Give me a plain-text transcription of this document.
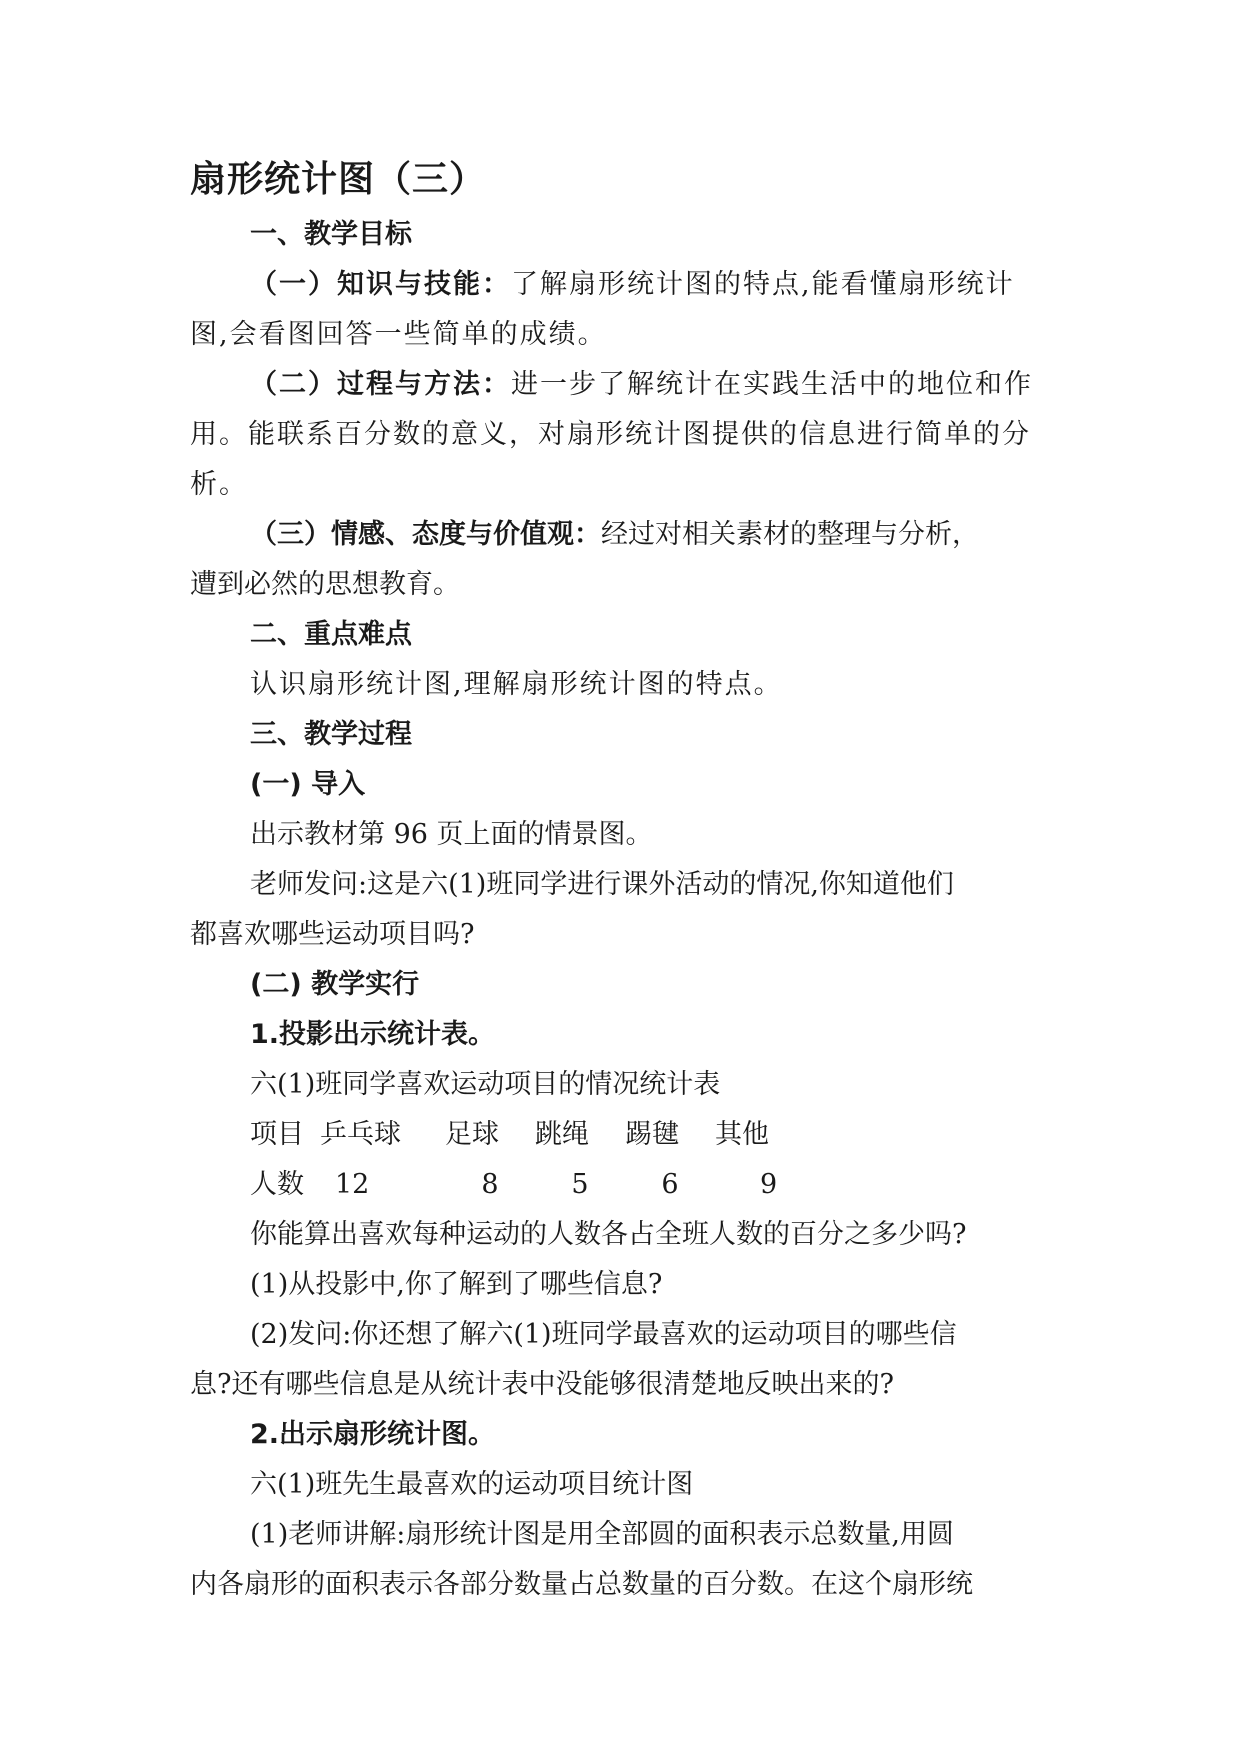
扇形统计图（三）
一、教学目标
（一）知识与技能：了解扇形统计图的特点,能看懂扇形统计
图,会看图回答一些简单的成绩。
（二）过程与方法：进一步了解统计在实践生活中的地位和作
用。能联系百分数的意义，对扇形统计图提供的信息进行简单的分
析。
（三）情感、态度与价值观：经过对相关素材的整理与分析，
遭到必然的思想教育。
二、重点难点
认识扇形统计图,理解扇形统计图的特点。
三、教学过程
(一) 导入
出示教材第 96 页上面的情景图。
老师发问:这是六(1)班同学进行课外活动的情况,你知道他们
都喜欢哪些运动项目吗?
(二) 教学实行
1.投影出示统计表。
六(1)班同学喜欢运动项目的情况统计表
项目 乒乓球	足球	跳绳	踢毽	其他
人数	12	8	5	6	9
你能算出喜欢每种运动的人数各占全班人数的百分之多少吗?
(1)从投影中,你了解到了哪些信息?
(2)发问:你还想了解六(1)班同学最喜欢的运动项目的哪些信
息?还有哪些信息是从统计表中没能够很清楚地反映出来的?
2.出示扇形统计图。
六(1)班先生最喜欢的运动项目统计图
(1)老师讲解:扇形统计图是用全部圆的面积表示总数量,用圆
内各扇形的面积表示各部分数量占总数量的百分数。在这个扇形统
